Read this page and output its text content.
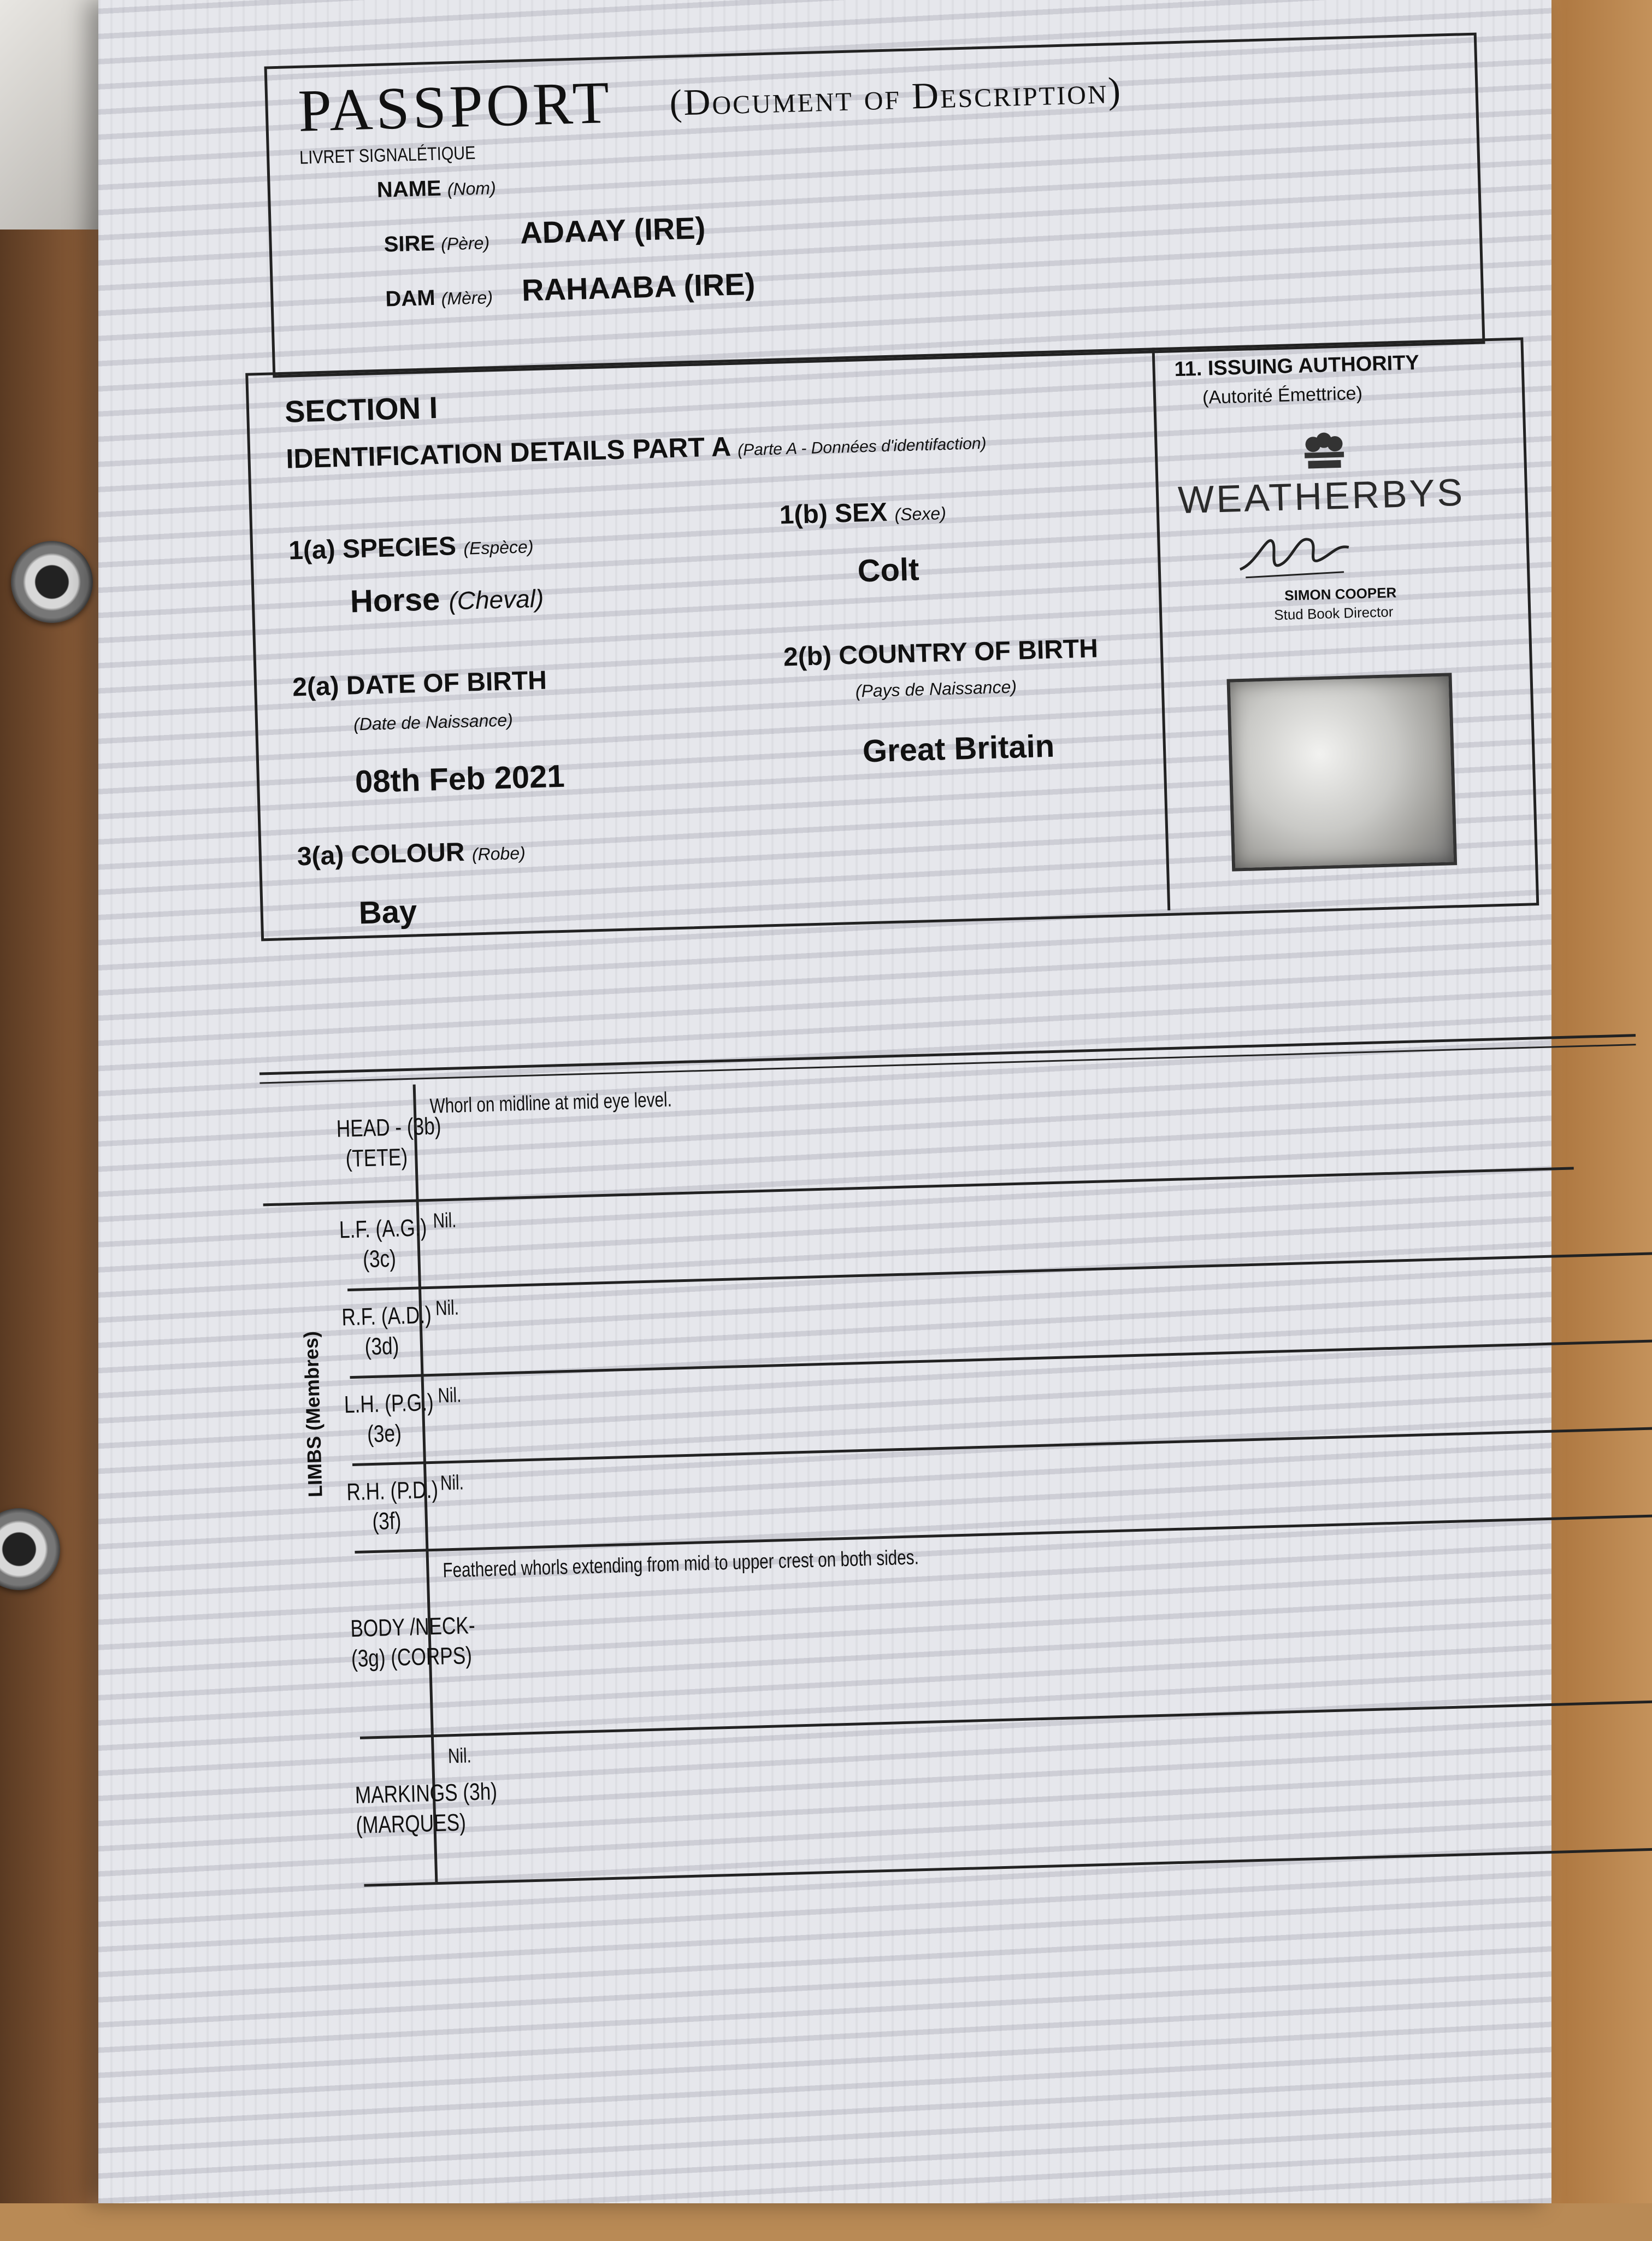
PASSPORT (Document of Description)
LIVRET SIGNALÉTIQUE
NAME (Nom)
SIRE (Père) ADAAY (IRE)
DAM (Mère) RAHAABA (IRE)
SECTION I
IDENTIFICATION DETAILS PART A (Parte A - Données d'identifaction)
1(a) SPECIES (Espèce)
Horse (Cheval)
1(b) SEX (Sexe)
Colt
2(a) DATE OF BIRTH
(Date de Naissance)
08th Feb 2021
2(b) COUNTRY OF BIRTH
(Pays de Naissance)
Great Britain
3(a) COLOUR (Robe)
Bay
11. ISSUING AUTHORITY
(Autorité Émettrice)
WEATHERBYS
SIMON COOPER
Stud Book Director
LIMBS (Membres)
HEAD - (3b)
(TETE)
Whorl on midline at mid eye level.
L.F. (A.G.)
(3c)
Nil.
R.F. (A.D.)
(3d)
Nil.
L.H. (P.G.)
(3e)
Nil.
R.H. (P.D.)
(3f)
Nil.
BODY /NECK-
(3g) (CORPS)
Feathered whorls extending from mid to upper crest on both sides.
MARKINGS (3h)
(MARQUES)
Nil.
